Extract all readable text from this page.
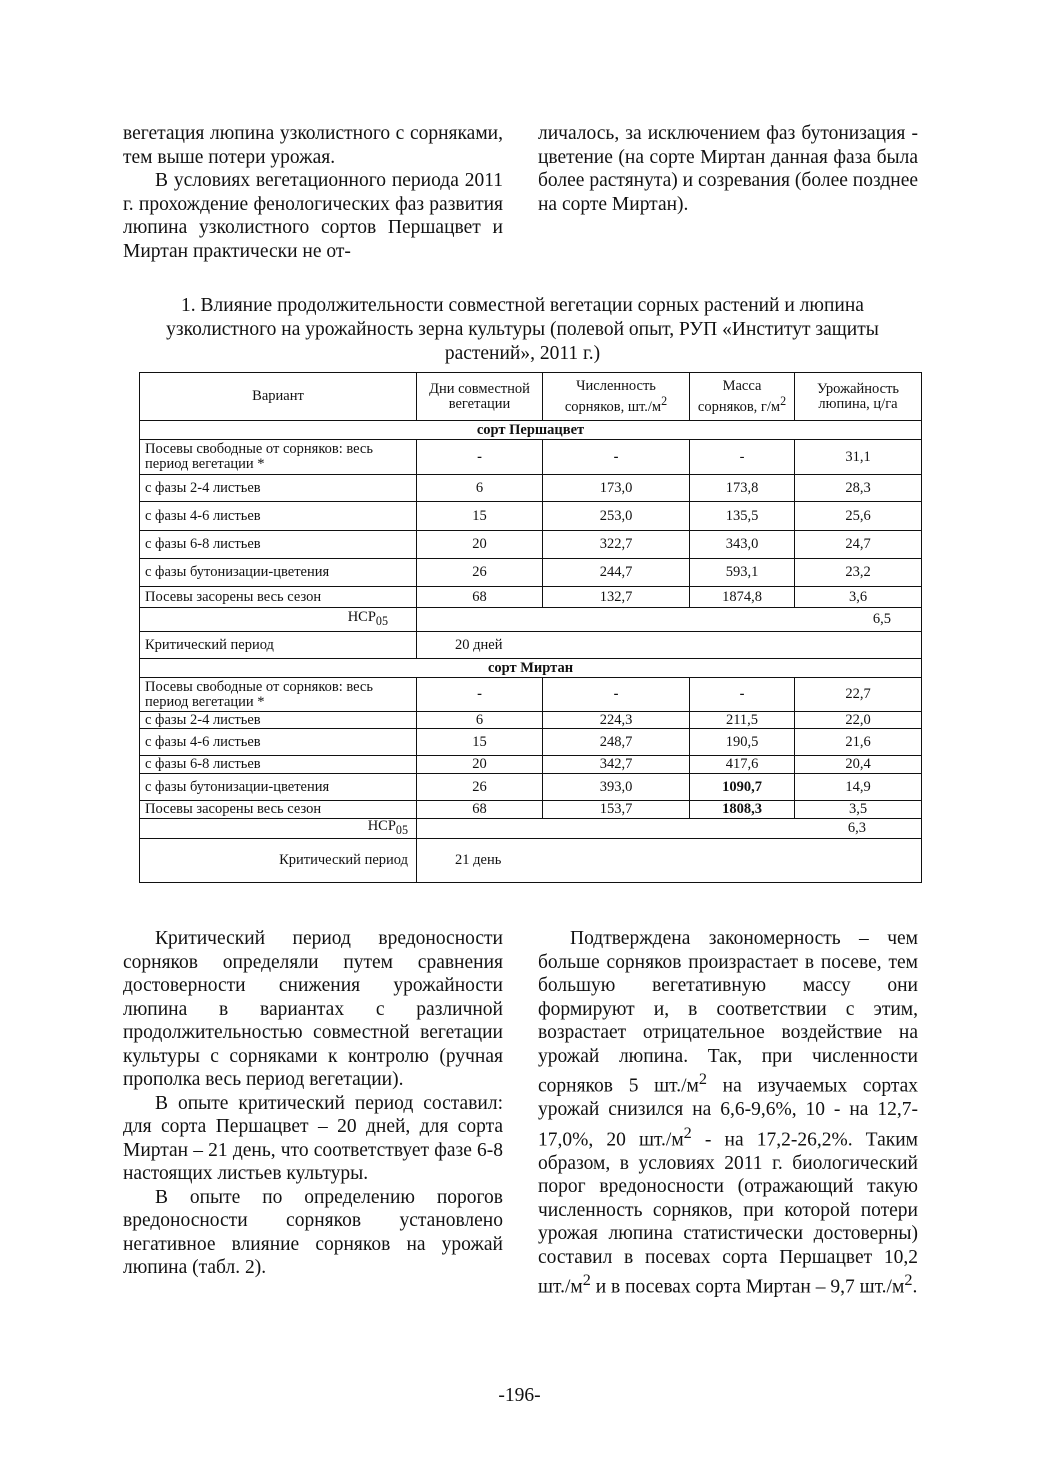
вегетация люпина узколистного с сорняками, тем выше потери урожая.

В условиях вегетационного периода 2011 г. прохождение фенологических фаз развития люпина узколистного сортов Першацвет и Миртан практически не от-

личалось, за исключением фаз бутонизация - цветение (на сорте Миртан данная фаза была более растянута) и созревания (более позднее на сорте Миртан).

1. Влияние продолжительности совместной вегетации сорных растений и люпина узколистного на урожайность зерна культуры (полевой опыт, РУП «Институт защиты растений», 2011 г.)
Вариант	Дни совместной вегетации	Численность сорняков, $шт./м^2$	Масса сорняков, $г/м^2$	Урожайность люпина, ц/га
сорт Першацвет				
Посевы свободные от сорняков: весь период вегетации *	-	-	-	31,1
с фазы 2-4 листьев	6	173,0	173,8	28,3
с фазы 4-6 листьев	15	253,0	135,5	25,6
с фазы 6-8 листьев	20	322,7	343,0	24,7
с фазы бутонизации-цветения	26	244,7	593,1	23,2
Посевы засорены весь сезон	68	132,7	1874,8	3,6
$НСР_{05}$	6,5			
Критический период	20 дней			
сорт Миртан				
Посевы свободные от сорняков: весь период вегетации *	-	-	-	22,7
с фазы 2-4 листьев	6	224,3	211,5	22,0
с фазы 4-6 листьев	15	248,7	190,5	21,6
с фазы 6-8 листьев	20	342,7	417,6	20,4
с фазы бутонизации-цветения	26	393,0	1090,7	14,9
Посевы засорены весь сезон	68	153,7	1808,3	3,5
$НСР_{05}$	6,3			
Критический период	21 день			

Критический период вредоносности сорняков определяли путем сравнения достоверности снижения урожайности люпина в вариантах с различной продолжительностью совместной вегетации культуры с сорняками к контролю (ручная прополка весь период вегетации).

В опыте критический период составил: для сорта Першацвет – 20 дней, для сорта Миртан – 21 день, что соответствует фазе 6-8 настоящих листьев культуры.

В опыте по определению порогов вредоносности сорняков установлено негативное влияние сорняков на урожай люпина (табл. 2).

Подтверждена закономерность – чем больше сорняков произрастает в посеве, тем большую вегетативную массу они формируют и, в соответствии с этим, возрастает отрицательное воздействие на урожай люпина. Так, при численности сорняков 5 $шт./м^2$ на изучаемых сортах урожай снизился на 6,6-9,6%, 10 - на 12,7-17,0%, 20 $шт./м^2$ - на 17,2-26,2%. Таким образом, в условиях 2011 г. биологический порог вредоносности (отражающий такую численность сорняков, при которой потери урожая люпина статистически достоверны) составил в посевах сорта Першацвет 10,2 $шт./м^2$ и в посевах сорта Миртан – 9,7 $шт./м^2$.

-196-
